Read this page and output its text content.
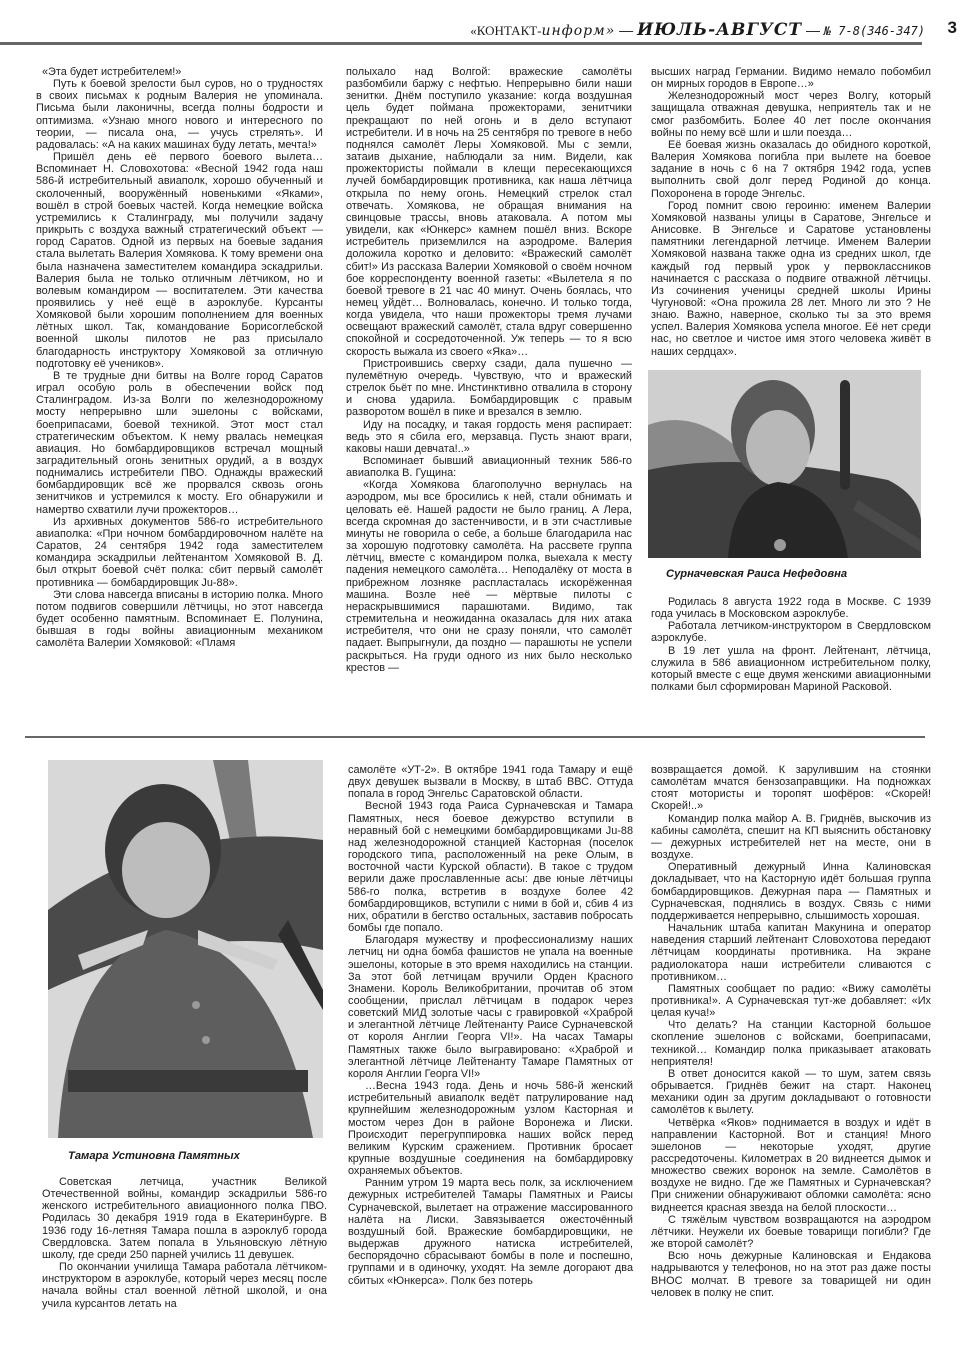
«КОНТАКТ-информ» — ИЮЛЬ-АВГУСТ — № 7-8(346-347) 3

«Эта будет истребителем!»

Путь к боевой зрелости был суров, но о трудностях в своих письмах к родным Валерия не упоминала. Письма были лаконичны, всегда полны бодрости и оптимизма. «Узнаю много нового и интересного по теории, — писала она, — учусь стрелять». И радовалась: «А на каких машинах буду летать, мечта!»

Пришёл день её первого боевого вылета… Вспоминает Н. Словохотова: «Весной 1942 года наш 586-й истребительный авиаполк, хорошо обученный и сколоченный, вооружённый новенькими «Яками», вошёл в строй боевых частей. Когда немецкие войска устремились к Сталинграду, мы получили задачу прикрыть с воздуха важный стратегический объект — город Саратов. Одной из первых на боевые задания стала вылетать Валерия Хомякова. К тому времени она была назначена заместителем командира эскадрильи. Валерия была не только отличным лётчиком, но и волевым командиром — воспитателем. Эти качества проявились у неё ещё в аэроклубе. Курсанты Хомяковой были хорошим пополнением для военных лётных школ. Так, командование Борисоглебской военной школы пилотов не раз присылало благодарность инструктору Хомяковой за отличную подготовку её учеников».

В те трудные дни битвы на Волге город Саратов играл особую роль в обеспечении войск под Сталинградом. Из-за Волги по железнодорожному мосту непрерывно шли эшелоны с войсками, боеприпасами, боевой техникой. Этот мост стал стратегическим объектом. К нему рвалась немецкая авиация. Но бомбардировщиков встречал мощный заградительный огонь зенитных орудий, а в воздух поднимались истребители ПВО. Однажды вражеский бомбардировщик всё же прорвался сквозь огонь зенитчиков и устремился к мосту. Его обнаружили и намертво схватили лучи прожекторов…

Из архивных документов 586-го истребительного авиаполка: «При ночном бомбардировочном налёте на Саратов, 24 сентября 1942 года заместителем командира эскадрильи лейтенантом Хомяковой В. Д. был открыт боевой счёт полка: сбит первый самолёт противника — бомбардировщик Ju-88».

Эти слова навсегда вписаны в историю полка. Много потом подвигов совершили лётчицы, но этот навсегда будет особенно памятным. Вспоминает Е. Полунина, бывшая в годы войны авиационным механиком самолёта Валерии Хомяковой: «Пламя

полыхало над Волгой: вражеские самолёты разбомбили баржу с нефтью. Непрерывно били наши зенитки. Днём поступило указание: когда воздушная цель будет поймана прожекторами, зенитчики прекращают по ней огонь и в дело вступают истребители. И в ночь на 25 сентября по тревоге в небо поднялся самолёт Леры Хомяковой. Мы с земли, затаив дыхание, наблюдали за ним. Видели, как прожектористы поймали в клещи пересекающихся лучей бомбардировщик противника, как наша лётчица открыла по нему огонь. Немецкий стрелок стал отвечать. Хомякова, не обращая внимания на свинцовые трассы, вновь атаковала. А потом мы увидели, как «Юнкерс» камнем пошёл вниз. Вскоре истребитель приземлился на аэродроме. Валерия доложила коротко и деловито: «Вражеский самолёт сбит!» Из рассказа Валерии Хомяковой о своём ночном бое корреспонденту военной газеты: «Вылетела я по боевой тревоге в 21 час 40 минут. Очень боялась, что немец уйдёт… Волновалась, конечно. И только тогда, когда увидела, что наши прожекторы тремя лучами освещают вражеский самолёт, стала вдруг совершенно спокойной и сосредоточенной. Уж теперь — то я всю скорость выжала из своего «Яка»…

Пристроившись сверху сзади, дала пушечно — пулемётную очередь. Чувствую, что и вражеский стрелок бьёт по мне. Инстинктивно отвалила в сторону и снова ударила. Бомбардировщик с правым разворотом вошёл в пике и врезался в землю.

Иду на посадку, и такая гордость меня распирает: ведь это я сбила его, мерзавца. Пусть знают враги, каковы наши девчата!..»

Вспоминает бывший авиационный техник 586-го авиаполка В. Гущина:

«Когда Хомякова благополучно вернулась на аэродром, мы все бросились к ней, стали обнимать и целовать её. Нашей радости не было границ. А Лера, всегда скромная до застенчивости, и в эти счастливые минуты не говорила о себе, а больше благодарила нас за хорошую подготовку самолёта. На рассвете группа лётчиц, вместе с командиром полка, выехала к месту падения немецкого самолёта… Неподалёку от моста в прибрежном лозняке распласталась искорёженная машина. Возле неё — мёртвые пилоты с нераскрывшимися парашютами. Видимо, так стремительна и неожиданна оказалась для них атака истребителя, что они не сразу поняли, что самолёт падает. Выпрыгнули, да поздно — парашюты не успели раскрыться. На груди одного из них было несколько крестов —

высших наград Германии. Видимо немало побомбил он мирных городов в Европе…»

Железнодорожный мост через Волгу, который защищала отважная девушка, неприятель так и не смог разбомбить. Более 40 лет после окончания войны по нему всё шли и шли поезда…

Её боевая жизнь оказалась до обидного короткой, Валерия Хомякова погибла при вылете на боевое задание в ночь с 6 на 7 октября 1942 года, успев выполнить свой долг перед Родиной до конца. Похоронена в городе Энгельс.

Город помнит свою героиню: именем Валерии Хомяковой названы улицы в Саратове, Энгельсе и Анисовке. В Энгельсе и Саратове установлены памятники легендарной летчице. Именем Валерии Хомяковой названа также одна из средних школ, где каждый год первый урок у первоклассников начинается с рассказа о подвиге отважной лётчицы. Из сочинения ученицы средней школы Ирины Чугуновой: «Она прожила 28 лет. Много ли это ? Не знаю. Важно, наверное, сколько ты за это время успел. Валерия Хомякова успела многое. Её нет среди нас, но светлое и чистое имя этого человека живёт в наших сердцах».

Сурначевская Раиса Нефедовна

Родилась 8 августа 1922 года в Москве. С 1939 года училась в Московском аэроклубе.

Работала летчиком-инструктором в Свердловском аэроклубе.

В 19 лет ушла на фронт. Лейтенант, лётчица, служила в 586 авиационном истребительном полку, который вместе с еще двумя женскими авиационными полками был сформирован Мариной Расковой.

Тамара Устиновна Памятных

Советская летчица, участник Великой Отечественной войны, командир эскадрильи 586-го женского истребительного авиационного полка ПВО. Родилась 30 декабря 1919 года в Екатеринбурге. В 1936 году 16-летняя Тамара пошла в аэроклуб города Свердловска. Затем попала в Ульяновскую лётную школу, где среди 250 парней учились 11 девушек.

По окончании училища Тамара работала лётчиком-инструктором в аэроклубе, который через месяц после начала войны стал военной лётной школой, и она учила курсантов летать на

самолёте «УТ-2». В октябре 1941 года Тамару и ещё двух девушек вызвали в Москву, в штаб ВВС. Оттуда попала в город Энгельс Саратовской области.

Весной 1943 года Раиса Сурначевская и Тамара Памятных, неся боевое дежурство вступили в неравный бой с немецкими бомбардировщиками Ju-88 над железнодорожной станцией Касторная (поселок городского типа, расположенный на реке Олым, в восточной части Курской области). В такое с трудом верили даже прославленные асы: две юные лётчицы 586-го полка, встретив в воздухе более 42 бомбардировщиков, вступили с ними в бой и, сбив 4 из них, обратили в бегство остальных, заставив побросать бомбы где попало.

Благодаря мужеству и профессионализму наших летчиц ни одна бомба фашистов не упала на военные эшелоны, которые в это время находились на станции. За этот бой летчицам вручили Орден Красного Знамени. Король Великобритании, прочитав об этом сообщении, прислал лётчицам в подарок через советский МИД золотые часы с гравировкой «Храброй и элегантной лётчице Лейтенанту Раисе Сурначевской от короля Англии Георга VI!». На часах Тамары Памятных также было выгравировано: «Храброй и элегантной лётчице Лейтенанту Тамаре Памятных от короля Англии Георга VI!»

…Весна 1943 года. День и ночь 586-й женский истребительный авиаполк ведёт патрулирование над крупнейшим железнодорожным узлом Касторная и мостом через Дон в районе Воронежа и Лиски. Происходит перегруппировка наших войск перед великим Курским сражением. Противник бросает крупные воздушные соединения на бомбардировку охраняемых объектов.

Ранним утром 19 марта весь полк, за исключением дежурных истребителей Тамары Памятных и Раисы Сурначевской, вылетает на отражение массированного налёта на Лиски. Завязывается ожесточённый воздушный бой. Вражеские бомбардировщики, не выдержав дружного натиска истребителей, беспорядочно сбрасывают бомбы в поле и поспешно, группами и в одиночку, уходят. На земле догорают два сбитых «Юнкерса». Полк без потерь

возвращается домой. К зарулившим на стоянки самолётам мчатся бензозаправщики. На подножках стоят мотористы и торопят шофёров: «Скорей! Скорей!..»

Командир полка майор А. В. Гриднёв, выскочив из кабины самолёта, спешит на КП выяснить обстановку — дежурных истребителей нет на месте, они в воздухе.

Оперативный дежурный Инна Калиновская докладывает, что на Касторную идёт большая группа бомбардировщиков. Дежурная пара — Памятных и Сурначевская, поднялись в воздух. Связь с ними поддерживается непрерывно, слышимость хорошая.

Начальник штаба капитан Макунина и оператор наведения старший лейтенант Словохотова передают лётчицам координаты противника. На экране радиолокатора наши истребители сливаются с противником…

Памятных сообщает по радио: «Вижу самолёты противника!». А Сурначевская тут-же добавляет: «Их целая куча!»

Что делать? На станции Касторной большое скопление эшелонов с войсками, боеприпасами, техникой… Командир полка приказывает атаковать неприятеля!

В ответ доносится какой — то шум, затем связь обрывается. Гриднёв бежит на старт. Наконец механики один за другим докладывают о готовности самолётов к вылету.

Четвёрка «Яков» поднимается в воздух и идёт в направлении Касторной. Вот и станция! Много эшелонов — некоторые уходят, другие рассредоточены. Километрах в 20 виднеется дымок и множество свежих воронок на земле. Самолётов в воздухе не видно. Где же Памятных и Сурначевская? При снижении обнаруживают обломки самолёта: ясно виднеется красная звезда на белой плоскости…

С тяжёлым чувством возвращаются на аэродром лётчики. Неужели их боевые товарищи погибли? Где же второй самолёт?

Всю ночь дежурные Калиновская и Ендакова надрываются у телефонов, но на этот раз даже посты ВНОС молчат. В тревоге за товарищей ни один человек в полку не спит.
